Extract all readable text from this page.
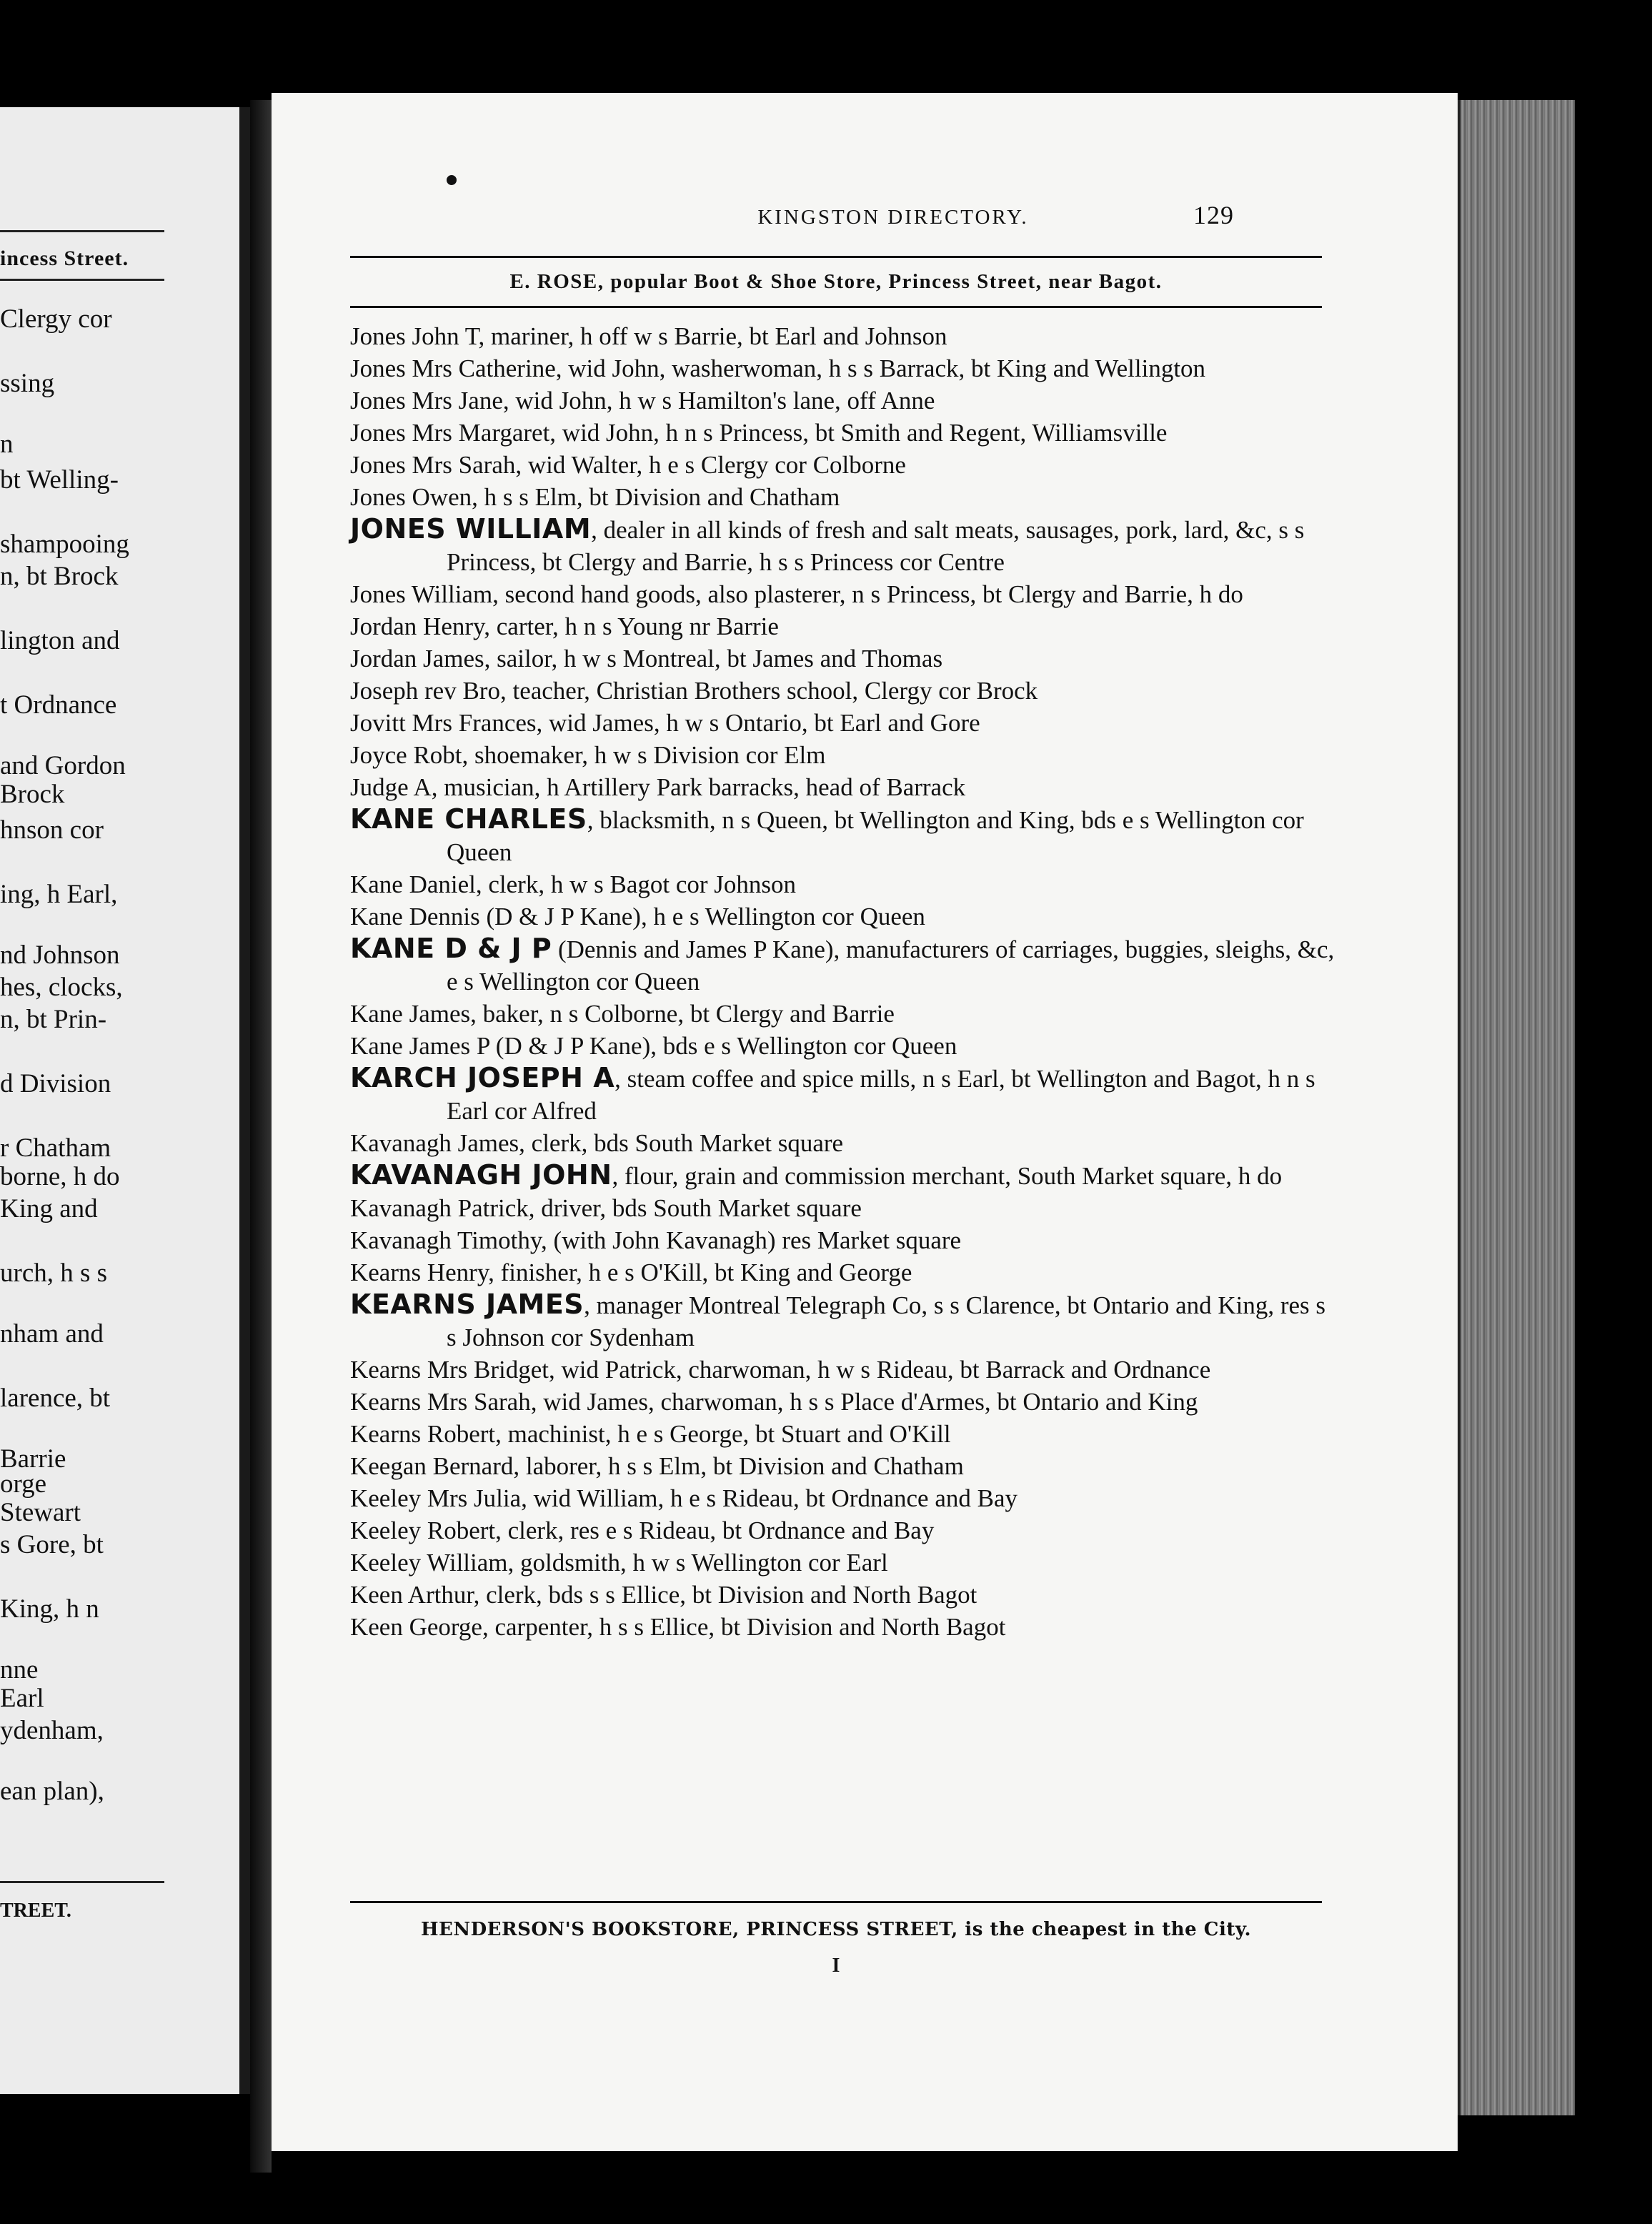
incess Street.
Clergy cor
ssing
n
bt Welling-
shampooing
n, bt Brock
lington and
t Ordnance
and Gordon
Brock
hnson cor
ing, h Earl,
nd Johnson
hes, clocks,
n, bt Prin-
d Division
r Chatham
borne, h do
King and
urch, h s s
nham and
larence, bt
Barrie
orge
Stewart
s Gore, bt
King, h n
nne
Earl
ydenham,
ean plan),
TREET.
KINGSTON DIRECTORY.	129
E. ROSE, popular Boot & Shoe Store, Princess Street, near Bagot.

Jones John T, mariner, h off w s Barrie, bt Earl and Johnson

Jones Mrs Catherine, wid John, washerwoman, h s s Barrack, bt King and Wellington

Jones Mrs Jane, wid John, h w s Hamilton's lane, off Anne

Jones Mrs Margaret, wid John, h n s Princess, bt Smith and Regent, Williamsville

Jones Mrs Sarah, wid Walter, h e s Clergy cor Colborne

Jones Owen, h s s Elm, bt Division and Chatham

JONES WILLIAM, dealer in all kinds of fresh and salt meats, sausages, pork, lard, &c, s s Princess, bt Clergy and Barrie, h s s Princess cor Centre

Jones William, second hand goods, also plasterer, n s Princess, bt Clergy and Barrie, h do

Jordan Henry, carter, h n s Young nr Barrie

Jordan James, sailor, h w s Montreal, bt James and Thomas

Joseph rev Bro, teacher, Christian Brothers school, Clergy cor Brock

Jovitt Mrs Frances, wid James, h w s Ontario, bt Earl and Gore

Joyce Robt, shoemaker, h w s Division cor Elm

Judge A, musician, h Artillery Park barracks, head of Barrack

KANE CHARLES, blacksmith, n s Queen, bt Wellington and King, bds e s Wellington cor Queen

Kane Daniel, clerk, h w s Bagot cor Johnson

Kane Dennis (D & J P Kane), h e s Wellington cor Queen

KANE D & J P (Dennis and James P Kane), manufacturers of carriages, buggies, sleighs, &c, e s Wellington cor Queen

Kane James, baker, n s Colborne, bt Clergy and Barrie

Kane James P (D & J P Kane), bds e s Wellington cor Queen

KARCH JOSEPH A, steam coffee and spice mills, n s Earl, bt Wellington and Bagot, h n s Earl cor Alfred

Kavanagh James, clerk, bds South Market square

KAVANAGH JOHN, flour, grain and commission merchant, South Market square, h do

Kavanagh Patrick, driver, bds South Market square

Kavanagh Timothy, (with John Kavanagh) res Market square

Kearns Henry, finisher, h e s O'Kill, bt King and George

KEARNS JAMES, manager Montreal Telegraph Co, s s Clarence, bt Ontario and King, res s s Johnson cor Sydenham

Kearns Mrs Bridget, wid Patrick, charwoman, h w s Rideau, bt Barrack and Ordnance

Kearns Mrs Sarah, wid James, charwoman, h s s Place d'Armes, bt Ontario and King

Kearns Robert, machinist, h e s George, bt Stuart and O'Kill

Keegan Bernard, laborer, h s s Elm, bt Division and Chatham

Keeley Mrs Julia, wid William, h e s Rideau, bt Ordnance and Bay

Keeley Robert, clerk, res e s Rideau, bt Ordnance and Bay

Keeley William, goldsmith, h w s Wellington cor Earl

Keen Arthur, clerk, bds s s Ellice, bt Division and North Bagot

Keen George, carpenter, h s s Ellice, bt Division and North Bagot

HENDERSON'S BOOKSTORE, PRINCESS STREET, is the cheapest in the City.
I
